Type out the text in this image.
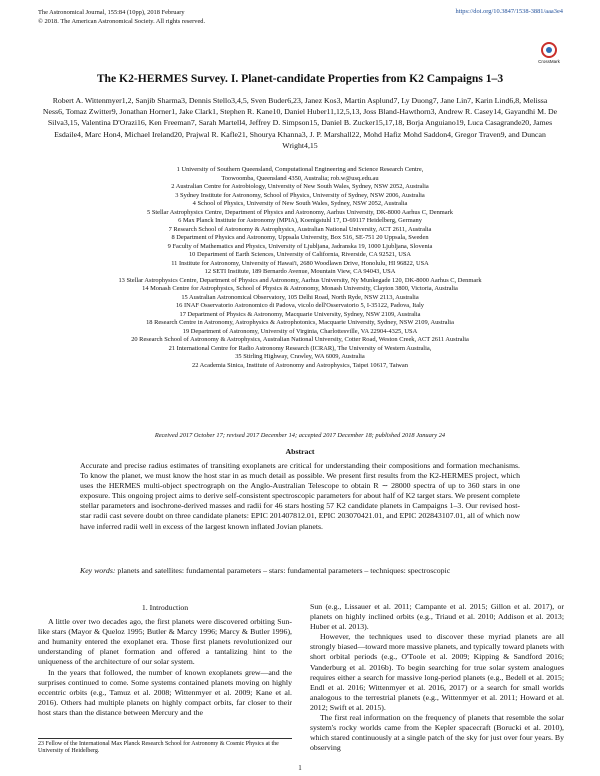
The Astronomical Journal, 155:84 (10pp), 2018 February
© 2018. The American Astronomical Society. All rights reserved.
https://doi.org/10.3847/1538-3881/aaa3e4
CrossMark
The K2-HERMES Survey. I. Planet-candidate Properties from K2 Campaigns 1–3
Robert A. Wittenmyer1,2, Sanjib Sharma3, Dennis Stello3,4,5, Sven Buder6,23, Janez Kos3, Martin Asplund7, Ly Duong7, Jane Lin7, Karin Lind6,8, Melissa Ness6, Tomaz Zwitter9, Jonathan Horner1, Jake Clark1, Stephen R. Kane10, Daniel Huber11,12,5,13, Joss Bland-Hawthorn3, Andrew R. Casey14, Gayandhi M. De Silva3,15, Valentina D'Orazi16, Ken Freeman7, Sarah Martell4, Jeffrey D. Simpson15, Daniel B. Zucker15,17,18, Borja Anguiano19, Luca Casagrande20, James Esdaile4, Marc Hon4, Michael Ireland20, Prajwal R. Kafle21, Shourya Khanna3, J. P. Marshall22, Mohd Hafiz Mohd Saddon4, Gregor Traven9, and Duncan Wright4,15
1 University of Southern Queensland, Computational Engineering and Science Research Centre,
Toowoomba, Queensland 4350, Australia; rob.w@usq.edu.au
2 Australian Centre for Astrobiology, University of New South Wales, Sydney, NSW 2052, Australia
3 Sydney Institute for Astronomy, School of Physics, University of Sydney, NSW 2006, Australia
4 School of Physics, University of New South Wales, Sydney, NSW 2052, Australia
5 Stellar Astrophysics Centre, Department of Physics and Astronomy, Aarhus University, DK-8000 Aarhus C, Denmark
6 Max Planck Institute for Astronomy (MPIA), Koenigstuhl 17, D-69117 Heidelberg, Germany
7 Research School of Astronomy & Astrophysics, Australian National University, ACT 2611, Australia
8 Department of Physics and Astronomy, Uppsala University, Box 516, SE-751 20 Uppsala, Sweden
9 Faculty of Mathematics and Physics, University of Ljubljana, Jadranska 19, 1000 Ljubljana, Slovenia
10 Department of Earth Sciences, University of California, Riverside, CA 92521, USA
11 Institute for Astronomy, University of Hawai'i, 2680 Woodlawn Drive, Honolulu, HI 96822, USA
12 SETI Institute, 189 Bernardo Avenue, Mountain View, CA 94043, USA
13 Stellar Astrophysics Centre, Department of Physics and Astronomy, Aarhus University, Ny Munkegade 120, DK-8000 Aarhus C, Denmark
14 Monash Centre for Astrophysics, School of Physics & Astronomy, Monash University, Clayton 3800, Victoria, Australia
15 Australian Astronomical Observatory, 105 Delhi Road, North Ryde, NSW 2113, Australia
16 INAF Osservatorio Astronomico di Padova, vicolo dell'Osservatorio 5, I-35122, Padova, Italy
17 Department of Physics & Astronomy, Macquarie University, Sydney, NSW 2109, Australia
18 Research Centre in Astronomy, Astrophysics & Astrophotonics, Macquarie University, Sydney, NSW 2109, Australia
19 Department of Astronomy, University of Virginia, Charlottesville, VA 22904-4325, USA
20 Research School of Astronomy & Astrophysics, Australian National University, Cotter Road, Weston Creek, ACT 2611 Australia
21 International Centre for Radio Astronomy Research (ICRAR), The University of Western Australia,
35 Stirling Highway, Crawley, WA 6009, Australia
22 Academia Sinica, Institute of Astronomy and Astrophysics, Taipei 10617, Taiwan
Received 2017 October 17; revised 2017 December 14; accepted 2017 December 18; published 2018 January 24
Abstract
Accurate and precise radius estimates of transiting exoplanets are critical for understanding their compositions and formation mechanisms. To know the planet, we must know the host star in as much detail as possible. We present first results from the K2-HERMES project, which uses the HERMES multi-object spectrograph on the Anglo-Australian Telescope to obtain R ∼ 28000 spectra of up to 360 stars in one exposure. This ongoing project aims to derive self-consistent spectroscopic parameters for about half of K2 target stars. We present complete stellar parameters and isochrone-derived masses and radii for 46 stars hosting 57 K2 candidate planets in Campaigns 1–3. Our revised host-star radii cast severe doubt on three candidate planets: EPIC 201407812.01, EPIC 203070421.01, and EPIC 202843107.01, all of which now have inferred radii well in excess of the largest known inflated Jovian planets.
Key words: planets and satellites: fundamental parameters – stars: fundamental parameters – techniques: spectroscopic
1. Introduction

A little over two decades ago, the first planets were discovered orbiting Sun-like stars (Mayor & Queloz 1995; Butler & Marcy 1996; Marcy & Butler 1996), and humanity entered the exoplanet era. Those first planets revolutionized our understanding of planet formation and offered a tantalizing hint to the uniqueness of the architecture of our solar system.

In the years that followed, the number of known exoplanets grew—and the surprises continued to come. Some systems contained planets moving on highly eccentric orbits (e.g., Tamuz et al. 2008; Wittenmyer et al. 2009; Kane et al. 2016). Others had multiple planets on highly compact orbits, far closer to their host stars than the distance between Mercury and the

Sun (e.g., Lissauer et al. 2011; Campante et al. 2015; Gillon et al. 2017), or planets on highly inclined orbits (e.g., Triaud et al. 2010; Addison et al. 2013; Huber et al. 2013).

However, the techniques used to discover these myriad planets are all strongly biased—toward more massive planets, and typically toward planets with short orbital periods (e.g., O'Toole et al. 2009; Kipping & Sandford 2016; Vanderburg et al. 2016b). To begin searching for true solar system analogues requires either a search for massive long-period planets (e.g., Bedell et al. 2015; Endl et al. 2016; Wittenmyer et al. 2016, 2017) or a search for small worlds analogous to the terrestrial planets (e.g., Wittenmyer et al. 2011; Howard et al. 2012; Swift et al. 2015).

The first real information on the frequency of planets that resemble the solar system's rocky worlds came from the Kepler spacecraft (Borucki et al. 2010), which stared continuously at a single patch of the sky for just over four years. By observing

23 Fellow of the International Max Planck Research School for Astronomy & Cosmic Physics at the University of Heidelberg.
1
